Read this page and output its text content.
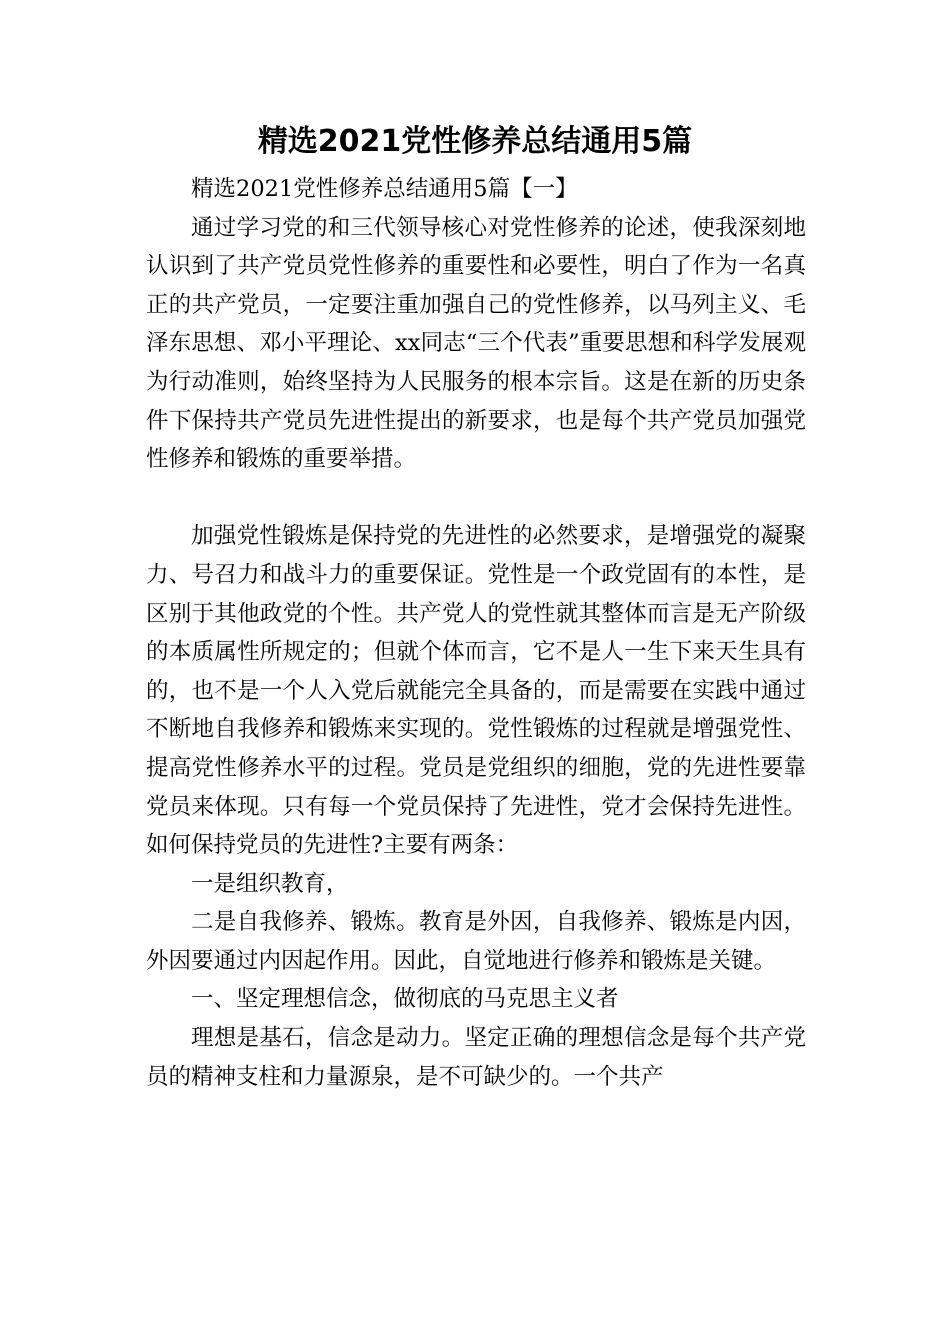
精选2021党性修养总结通用5篇

精选2021党性修养总结通用5篇【一】

通过学习党的和三代领导核心对党性修养的论述，使我深刻地认识到了共产党员党性修养的重要性和必要性，明白了作为一名真正的共产党员，一定要注重加强自己的党性修养，以马列主义、毛泽东思想、邓小平理论、xx同志“三个代表”重要思想和科学发展观为行动准则，始终坚持为人民服务的根本宗旨。这是在新的历史条件下保持共产党员先进性提出的新要求，也是每个共产党员加强党性修养和锻炼的重要举措。

加强党性锻炼是保持党的先进性的必然要求，是增强党的凝聚力、号召力和战斗力的重要保证。党性是一个政党固有的本性，是区别于其他政党的个性。共产党人的党性就其整体而言是无产阶级的本质属性所规定的；但就个体而言，它不是人一生下来天生具有的，也不是一个人入党后就能完全具备的，而是需要在实践中通过不断地自我修养和锻炼来实现的。党性锻炼的过程就是增强党性、提高党性修养水平的过程。党员是党组织的细胞，党的先进性要靠党员来体现。只有每一个党员保持了先进性，党才会保持先进性。如何保持党员的先进性?主要有两条：

一是组织教育，

二是自我修养、锻炼。教育是外因，自我修养、锻炼是内因，外因要通过内因起作用。因此，自觉地进行修养和锻炼是关键。

一、坚定理想信念，做彻底的马克思主义者

理想是基石，信念是动力。坚定正确的理想信念是每个共产党员的精神支柱和力量源泉，是不可缺少的。一个共产
